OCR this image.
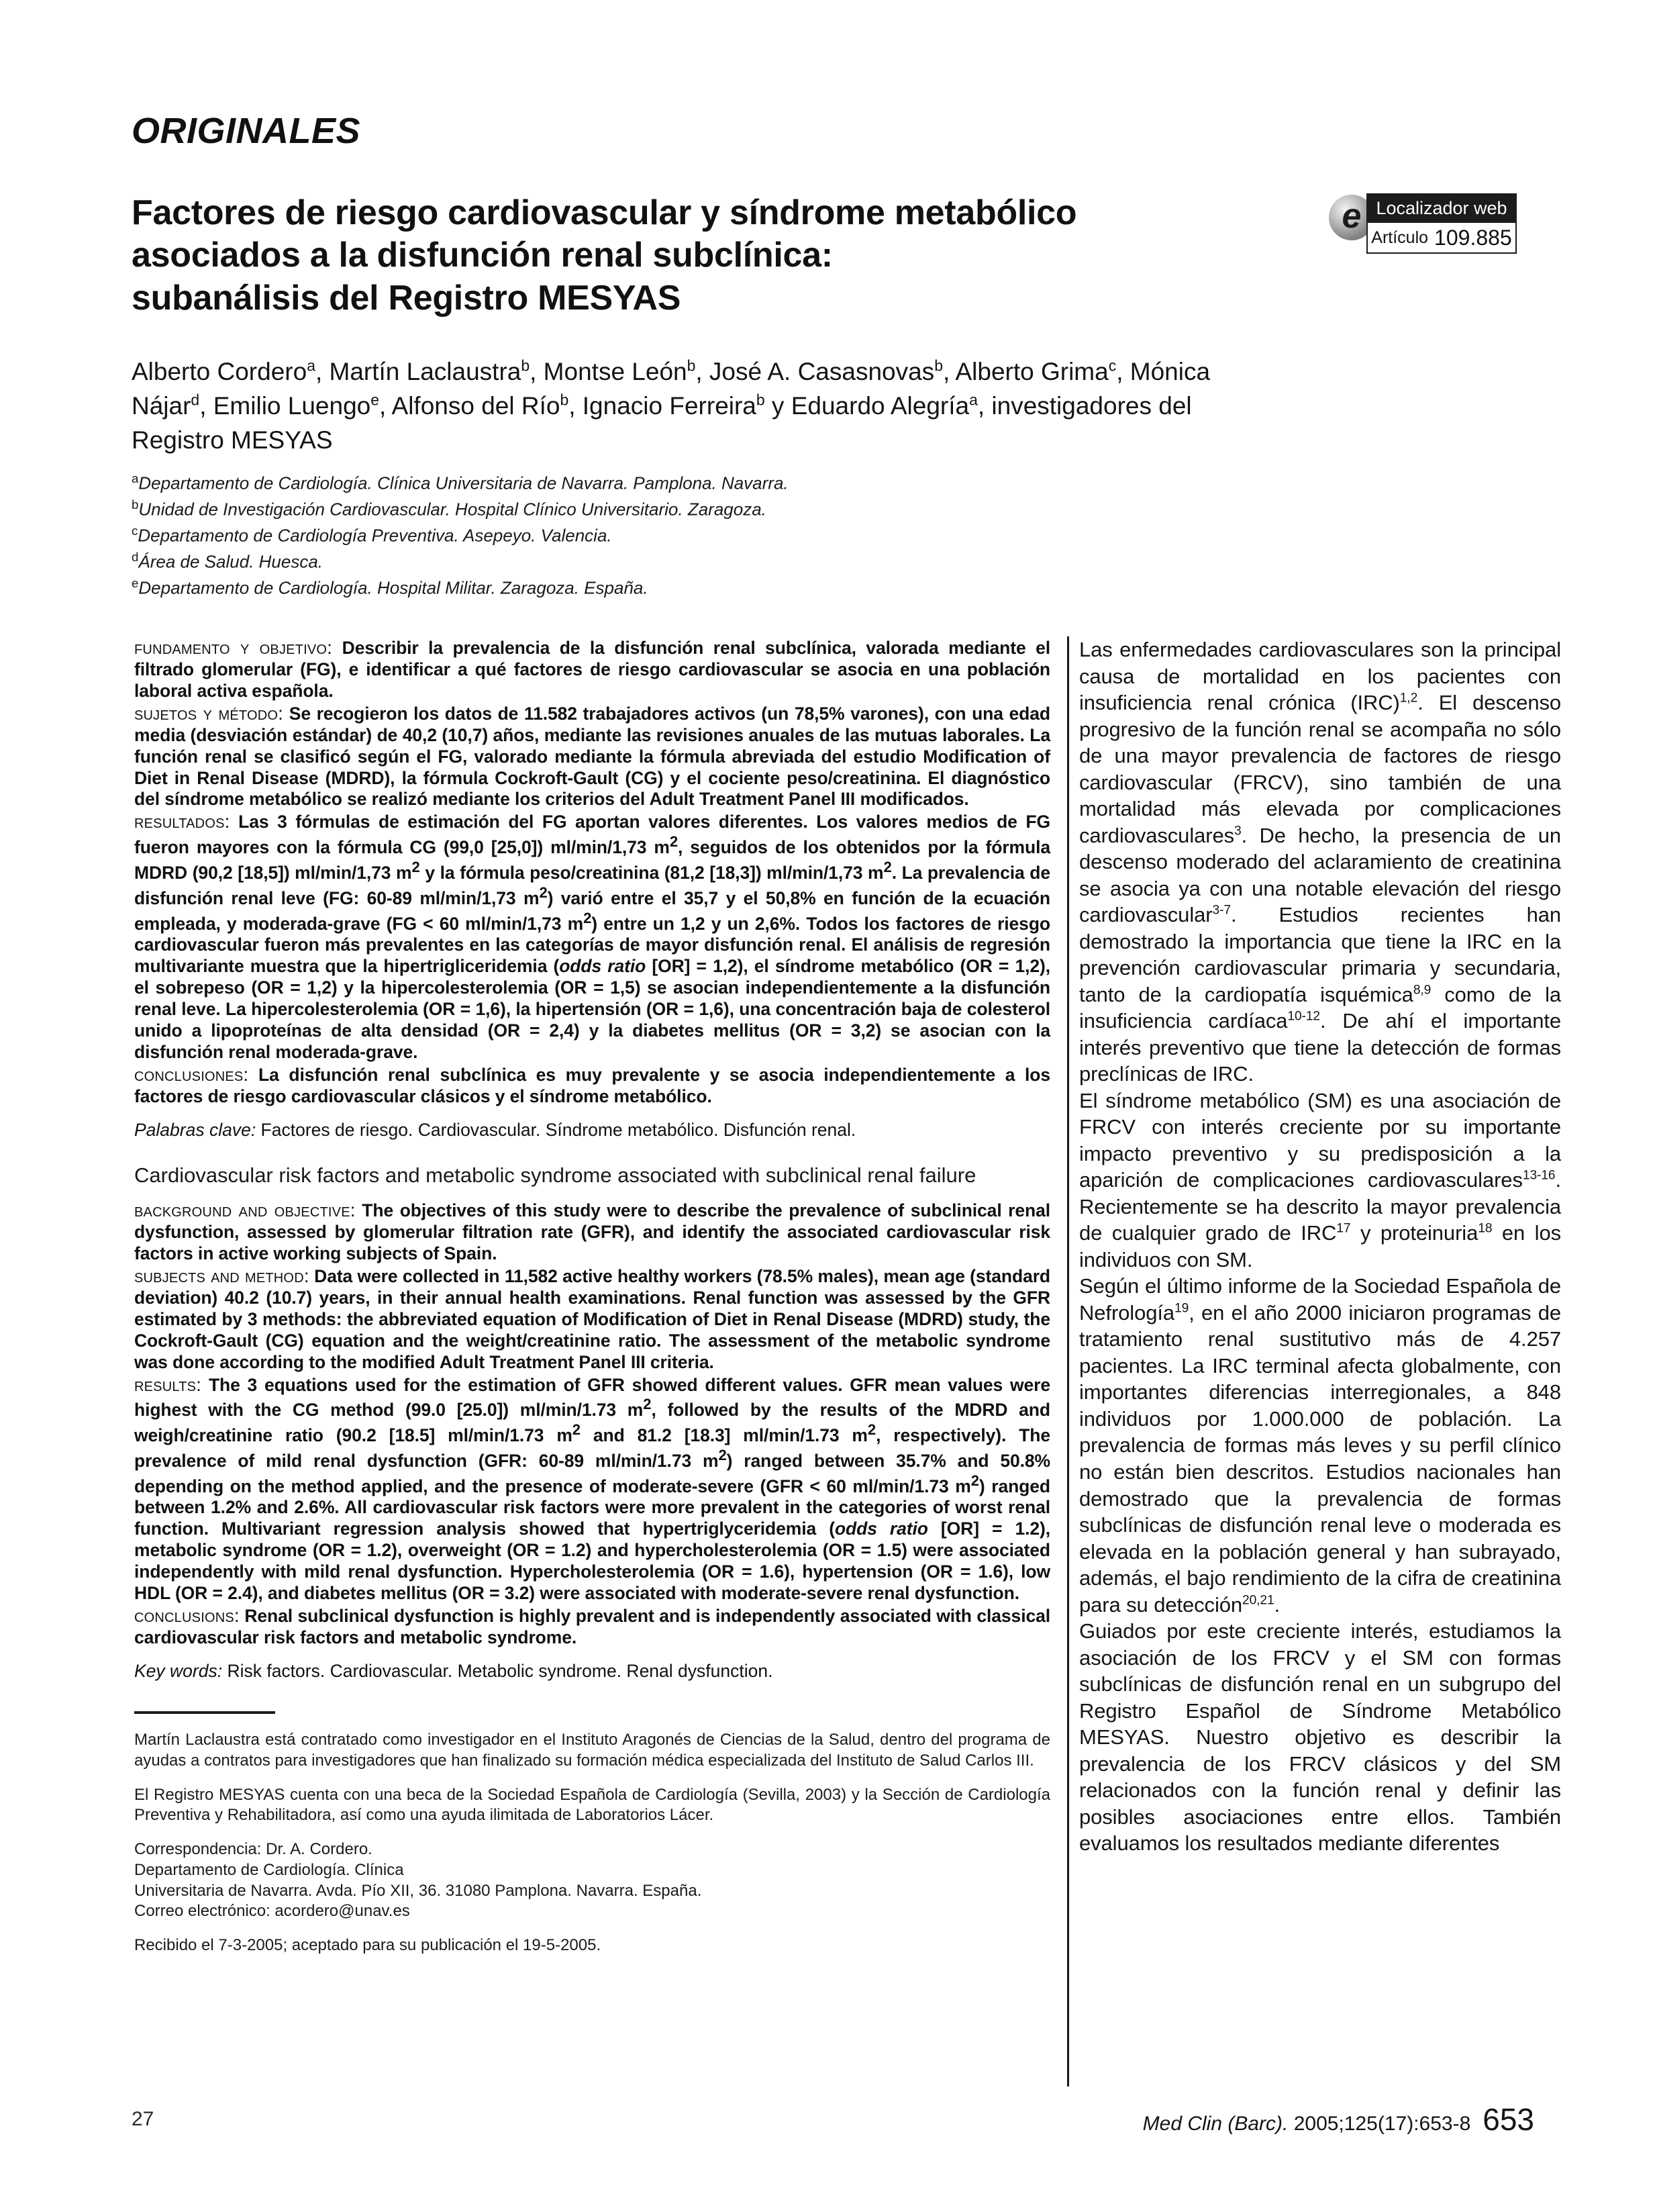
ORIGINALES
Factores de riesgo cardiovascular y síndrome metabólico
asociados a la disfunción renal subclínica:
subanálisis del Registro MESYAS
e Localizador web
Artículo 109.885
Alberto Cordero$^a$, Martín Laclaustra$^b$, Montse León$^b$, José A. Casasnovas$^b$, Alberto Grima$^c$, Mónica Nájar$^d$, Emilio Luengo$^e$, Alfonso del Río$^b$, Ignacio Ferreira$^b$ y Eduardo Alegría$^a$, investigadores del Registro MESYAS
$^a$Departamento de Cardiología. Clínica Universitaria de Navarra. Pamplona. Navarra.
$^b$Unidad de Investigación Cardiovascular. Hospital Clínico Universitario. Zaragoza.
$^c$Departamento de Cardiología Preventiva. Asepeyo. Valencia.
$^d$Área de Salud. Huesca.
$^e$Departamento de Cardiología. Hospital Militar. Zaragoza. España.

fundamento y objetivo: Describir la prevalencia de la disfunción renal subclínica, valorada mediante el filtrado glomerular (FG), e identificar a qué factores de riesgo cardiovascular se asocia en una población laboral activa española.

sujetos y método: Se recogieron los datos de 11.582 trabajadores activos (un 78,5% varones), con una edad media (desviación estándar) de 40,2 (10,7) años, mediante las revisiones anuales de las mutuas laborales. La función renal se clasificó según el FG, valorado mediante la fórmula abreviada del estudio Modification of Diet in Renal Disease (MDRD), la fórmula Cockroft-Gault (CG) y el cociente peso/creatinina. El diagnóstico del síndrome metabólico se realizó mediante los criterios del Adult Treatment Panel III modificados.

resultados: Las 3 fórmulas de estimación del FG aportan valores diferentes. Los valores medios de FG fueron mayores con la fórmula CG (99,0 [25,0]) ml/min/1,73 $m^2$, seguidos de los obtenidos por la fórmula MDRD (90,2 [18,5]) ml/min/1,73 $m^2$ y la fórmula peso/creatinina (81,2 [18,3]) ml/min/1,73 $m^2$. La prevalencia de disfunción renal leve (FG: 60-89 ml/min/1,73 $m^2$) varió entre el 35,7 y el 50,8% en función de la ecuación empleada, y moderada-grave (FG < 60 ml/min/1,73 $m^2$) entre un 1,2 y un 2,6%. Todos los factores de riesgo cardiovascular fueron más prevalentes en las categorías de mayor disfunción renal. El análisis de regresión multivariante muestra que la hipertrigliceridemia (odds ratio [OR] = 1,2), el síndrome metabólico (OR = 1,2), el sobrepeso (OR = 1,2) y la hipercolesterolemia (OR = 1,5) se asocian independientemente a la disfunción renal leve. La hipercolesterolemia (OR = 1,6), la hipertensión (OR = 1,6), una concentración baja de colesterol unido a lipoproteínas de alta densidad (OR = 2,4) y la diabetes mellitus (OR = 3,2) se asocian con la disfunción renal moderada-grave.

conclusiones: La disfunción renal subclínica es muy prevalente y se asocia independientemente a los factores de riesgo cardiovascular clásicos y el síndrome metabólico.

Palabras clave: Factores de riesgo. Cardiovascular. Síndrome metabólico. Disfunción renal.
Cardiovascular risk factors and metabolic syndrome associated with subclinical renal failure

background and objective: The objectives of this study were to describe the prevalence of subclinical renal dysfunction, assessed by glomerular filtration rate (GFR), and identify the associated cardiovascular risk factors in active working subjects of Spain.

subjects and method: Data were collected in 11,582 active healthy workers (78.5% males), mean age (standard deviation) 40.2 (10.7) years, in their annual health examinations. Renal function was assessed by the GFR estimated by 3 methods: the abbreviated equation of Modification of Diet in Renal Disease (MDRD) study, the Cockroft-Gault (CG) equation and the weight/creatinine ratio. The assessment of the metabolic syndrome was done according to the modified Adult Treatment Panel III criteria.

results: The 3 equations used for the estimation of GFR showed different values. GFR mean values were highest with the CG method (99.0 [25.0]) ml/min/1.73 $m^2$, followed by the results of the MDRD and weigh/creatinine ratio (90.2 [18.5] ml/min/1.73 $m^2$ and 81.2 [18.3] ml/min/1.73 $m^2$, respectively). The prevalence of mild renal dysfunction (GFR: 60-89 ml/min/1.73 $m^2$) ranged between 35.7% and 50.8% depending on the method applied, and the presence of moderate-severe (GFR < 60 ml/min/1.73 $m^2$) ranged between 1.2% and 2.6%. All cardiovascular risk factors were more prevalent in the categories of worst renal function. Multivariant regression analysis showed that hypertriglyceridemia (odds ratio [OR] = 1.2), metabolic syndrome (OR = 1.2), overweight (OR = 1.2) and hypercholesterolemia (OR = 1.5) were associated independently with mild renal dysfunction. Hypercholesterolemia (OR = 1.6), hypertension (OR = 1.6), low HDL (OR = 2.4), and diabetes mellitus (OR = 3.2) were associated with moderate-severe renal dysfunction.

conclusions: Renal subclinical dysfunction is highly prevalent and is independently associated with classical cardiovascular risk factors and metabolic syndrome.

Key words: Risk factors. Cardiovascular. Metabolic syndrome. Renal dysfunction.
Martín Laclaustra está contratado como investigador en el Instituto Aragonés de Ciencias de la Salud, dentro del programa de ayudas a contratos para investigadores que han finalizado su formación médica especializada del Instituto de Salud Carlos III.
El Registro MESYAS cuenta con una beca de la Sociedad Española de Cardiología (Sevilla, 2003) y la Sección de Cardiología Preventiva y Rehabilitadora, así como una ayuda ilimitada de Laboratorios Lácer.
Correspondencia: Dr. A. Cordero.
Departamento de Cardiología. Clínica
Universitaria de Navarra. Avda. Pío XII, 36. 31080 Pamplona. Navarra. España.
Correo electrónico: acordero@unav.es
Recibido el 7-3-2005; aceptado para su publicación el 19-5-2005.

Las enfermedades cardiovasculares son la principal causa de mortalidad en los pacientes con insuficiencia renal crónica (IRC)$^{1,2}$. El descenso progresivo de la función renal se acompaña no sólo de una mayor prevalencia de factores de riesgo cardiovascular (FRCV), sino también de una mortalidad más elevada por complicaciones cardiovasculares$^3$. De hecho, la presencia de un descenso moderado del aclaramiento de creatinina se asocia ya con una notable elevación del riesgo cardiovascular$^{3-7}$. Estudios recientes han demostrado la importancia que tiene la IRC en la prevención cardiovascular primaria y secundaria, tanto de la cardiopatía isquémica$^{8,9}$ como de la insuficiencia cardíaca$^{10-12}$. De ahí el importante interés preventivo que tiene la detección de formas preclínicas de IRC.

El síndrome metabólico (SM) es una asociación de FRCV con interés creciente por su importante impacto preventivo y su predisposición a la aparición de complicaciones cardiovasculares$^{13-16}$. Recientemente se ha descrito la mayor prevalencia de cualquier grado de IRC$^{17}$ y proteinuria$^{18}$ en los individuos con SM.

Según el último informe de la Sociedad Española de Nefrología$^{19}$, en el año 2000 iniciaron programas de tratamiento renal sustitutivo más de 4.257 pacientes. La IRC terminal afecta globalmente, con importantes diferencias interregionales, a 848 individuos por 1.000.000 de población. La prevalencia de formas más leves y su perfil clínico no están bien descritos. Estudios nacionales han demostrado que la prevalencia de formas subclínicas de disfunción renal leve o moderada es elevada en la población general y han subrayado, además, el bajo rendimiento de la cifra de creatinina para su detección$^{20,21}$.

Guiados por este creciente interés, estudiamos la asociación de los FRCV y el SM con formas subclínicas de disfunción renal en un subgrupo del Registro Español de Síndrome Metabólico MESYAS. Nuestro objetivo es describir la prevalencia de los FRCV clásicos y del SM relacionados con la función renal y definir las posibles asociaciones entre ellos. También evaluamos los resultados mediante diferentes

27	Med Clin (Barc). 2005;125(17):653-8 653
